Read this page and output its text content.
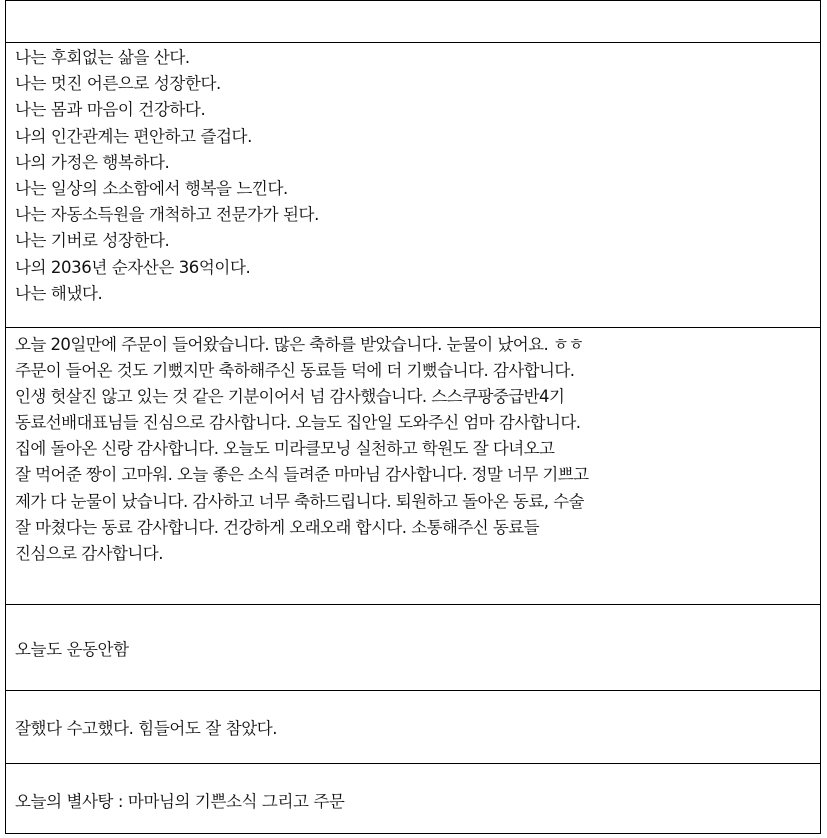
나는 후회없는 삶을 산다.
나는 멋진 어른으로 성장한다.
나는 몸과 마음이 건강하다.
나의 인간관계는 편안하고 즐겁다.
나의 가정은 행복하다.
나는 일상의 소소함에서 행복을 느낀다.
나는 자동소득원을 개척하고 전문가가 된다.
나는 기버로 성장한다.
나의 2036년 순자산은 36억이다.
나는 해냈다.
오늘 20일만에 주문이 들어왔습니다. 많은 축하를 받았습니다. 눈물이 났어요. ㅎㅎ
주문이 들어온 것도 기뻤지만 축하해주신 동료들 덕에 더 기뻤습니다. 감사합니다.
인생 헛살진 않고 있는 것 같은 기분이어서 넘 감사했습니다. 스스쿠팡중급반4기
동료선배대표님들 진심으로 감사합니다. 오늘도 집안일 도와주신 엄마 감사합니다.
집에 돌아온 신랑 감사합니다. 오늘도 미라클모닝 실천하고 학원도 잘 다녀오고
잘 먹어준 짱이 고마워. 오늘 좋은 소식 들려준 마마님 감사합니다. 정말 너무 기쁘고
제가 다 눈물이 났습니다. 감사하고 너무 축하드립니다. 퇴원하고 돌아온 동료, 수술
잘 마쳤다는 동료 감사합니다. 건강하게 오래오래 합시다. 소통해주신 동료들
진심으로 감사합니다.
오늘도 운동안함
잘했다 수고했다. 힘들어도 잘 참았다.
오늘의 별사탕 : 마마님의 기쁜소식 그리고 주문
